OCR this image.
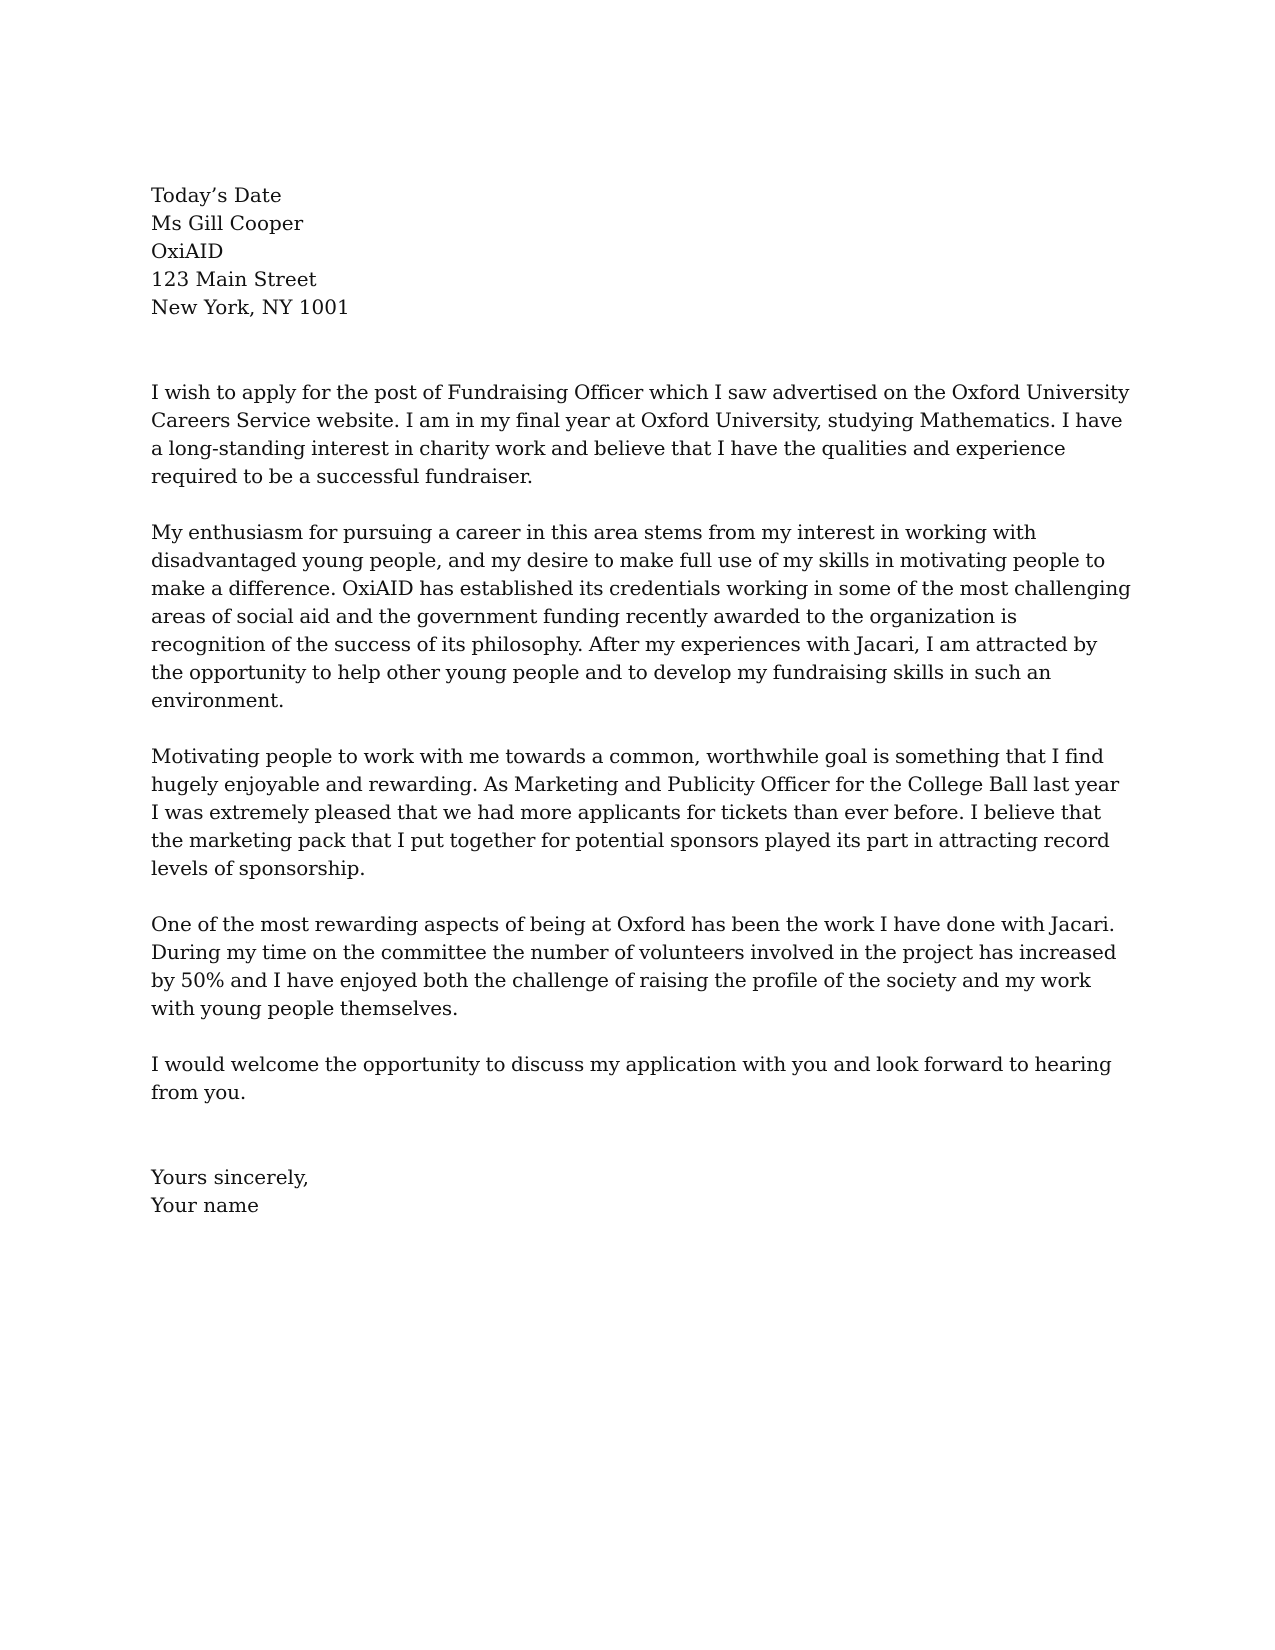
Today’s Date
Ms Gill Cooper
OxiAID
123 Main Street
New York, NY 1001

I wish to apply for the post of Fundraising Officer which I saw advertised on the Oxford University Careers Service website. I am in my final year at Oxford University, studying Mathematics. I have a long-standing interest in charity work and believe that I have the qualities and experience required to be a successful fundraiser.

My enthusiasm for pursuing a career in this area stems from my interest in working with disadvantaged young people, and my desire to make full use of my skills in motivating people to make a difference. OxiAID has established its credentials working in some of the most challenging areas of social aid and the government funding recently awarded to the organization is recognition of the success of its philosophy. After my experiences with Jacari, I am attracted by the opportunity to help other young people and to develop my fundraising skills in such an environment.

Motivating people to work with me towards a common, worthwhile goal is something that I find hugely enjoyable and rewarding. As Marketing and Publicity Officer for the College Ball last year I was extremely pleased that we had more applicants for tickets than ever before. I believe that the marketing pack that I put together for potential sponsors played its part in attracting record levels of sponsorship.

One of the most rewarding aspects of being at Oxford has been the work I have done with Jacari. During my time on the committee the number of volunteers involved in the project has increased by 50% and I have enjoyed both the challenge of raising the profile of the society and my work with young people themselves.

I would welcome the opportunity to discuss my application with you and look forward to hearing from you.

Yours sincerely,
Your name
